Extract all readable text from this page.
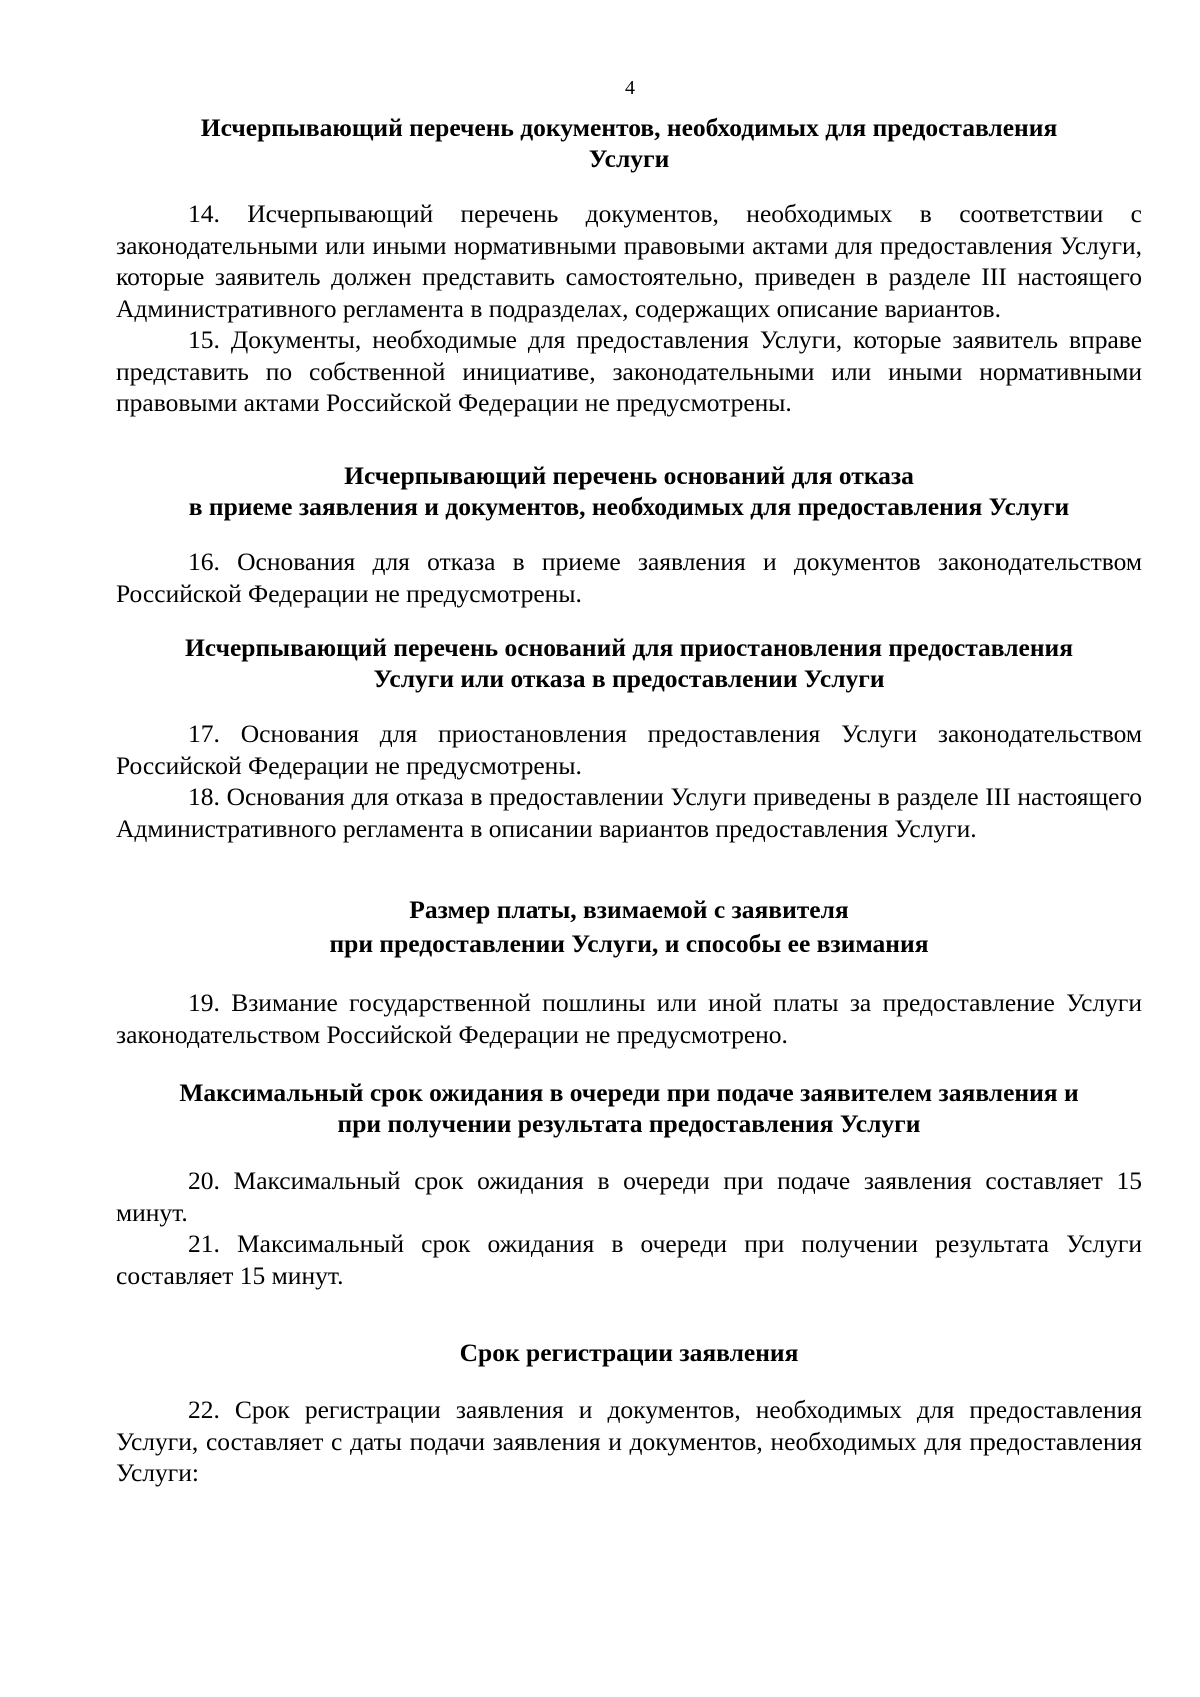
4
Исчерпывающий перечень документов, необходимых для предоставления
Услуги

14. Исчерпывающий перечень документов, необходимых в соответствии с законодательными или иными нормативными правовыми актами для предоставления Услуги, которые заявитель должен представить самостоятельно, приведен в разделе III настоящего Административного регламента в подразделах, содержащих описание вариантов.

15. Документы, необходимые для предоставления Услуги, которые заявитель вправе представить по собственной инициативе, законодательными или иными нормативными правовыми актами Российской Федерации не предусмотрены.

Исчерпывающий перечень оснований для отказа
в приеме заявления и документов, необходимых для предоставления Услуги

16. Основания для отказа в приеме заявления и документов законодательством Российской Федерации не предусмотрены.

Исчерпывающий перечень оснований для приостановления предоставления
Услуги или отказа в предоставлении Услуги

17. Основания для приостановления предоставления Услуги законодательством Российской Федерации не предусмотрены.

18. Основания для отказа в предоставлении Услуги приведены в разделе III настоящего Административного регламента в описании вариантов предоставления Услуги.

Размер платы, взимаемой с заявителя
при предоставлении Услуги, и способы ее взимания

19. Взимание государственной пошлины или иной платы за предоставление Услуги законодательством Российской Федерации не предусмотрено.

Максимальный срок ожидания в очереди при подаче заявителем заявления и
при получении результата предоставления Услуги

20. Максимальный срок ожидания в очереди при подаче заявления составляет 15 минут.

21. Максимальный срок ожидания в очереди при получении результата Услуги составляет 15 минут.

Срок регистрации заявления

22. Срок регистрации заявления и документов, необходимых для предоставления Услуги, составляет с даты подачи заявления и документов, необходимых для предоставления Услуги:
